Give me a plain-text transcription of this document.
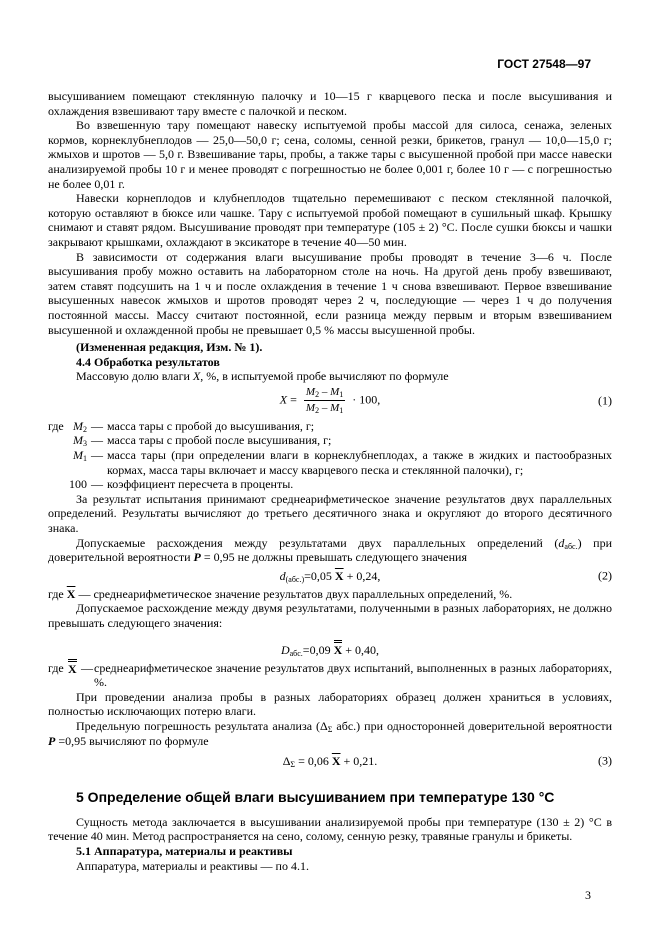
ГОСТ 27548—97

высушиванием помещают стеклянную палочку и 10—15 г кварцевого песка и после высушивания и охлаждения взвешивают тару вместе с палочкой и песком.

Во взвешенную тару помещают навеску испытуемой пробы массой для силоса, сенажа, зеленых кормов, корнеклубнеплодов — 25,0—50,0 г; сена, соломы, сенной резки, брикетов, гранул — 10,0—15,0 г; жмыхов и шротов — 5,0 г. Взвешивание тары, пробы, а также тары с высушенной пробой при массе навески анализируемой пробы 10 г и менее проводят с погрешностью не более 0,001 г, более 10 г — с погрешностью не более 0,01 г.

Навески корнеплодов и клубнеплодов тщательно перемешивают с песком стеклянной палочкой, которую оставляют в бюксе или чашке. Тару с испытуемой пробой помещают в сушильный шкаф. Крышку снимают и ставят рядом. Высушивание проводят при температуре (105 ± 2) °С. После сушки бюксы и чашки закрывают крышками, охлаждают в эксикаторе в течение 40—50 мин.

В зависимости от содержания влаги высушивание пробы проводят в течение 3—6 ч. После высушивания пробу можно оставить на лабораторном столе на ночь. На другой день пробу взвешивают, затем ставят подсушить на 1 ч и после охлаждения в течение 1 ч снова взвешивают. Первое взвешивание высушенных навесок жмыхов и шротов проводят через 2 ч, последующие — через 1 ч до получения постоянной массы. Массу считают постоянной, если разница между первым и вторым взвешиванием высушенной и охлажденной пробы не превышает 0,5 % массы высушенной пробы.

(Измененная редакция, Изм. № 1).

4.4 Обработка результатов

Массовую долю влаги X, %, в испытуемой пробе вычисляют по формуле

$X = \frac{M_2 - M_1}{M_2 - M_1} \cdot 100$,	(1)
где $M_2$ — масса тары с пробой до высушивания, г;
$M_3$ — масса тары с пробой после высушивания, г;
$M_1$ — масса тары (при определении влаги в корнеклубнеплодах, а также в жидких и пастообразных кормах, масса тары включает и массу кварцевого песка и стеклянной палочки), г;
100 — коэффициент пересчета в проценты.

За результат испытания принимают среднеарифметическое значение результатов двух параллельных определений. Результаты вычисляют до третьего десятичного знака и округляют до второго десятичного знака.

Допускаемые расхождения между результатами двух параллельных определений $(d_{абс.})$ при доверительной вероятности P = 0,95 не должны превышать следующего значения

$d_{(абс.)}=0,05$ $\overline{X} + 0,24$,	(2)

где $\overline{X}$ — среднеарифметическое значение результатов двух параллельных определений, %.

Допускаемое расхождение между двумя результатами, полученными в разных лабораториях, не должно превышать следующего значения:

$D_{абс.}=0,09$ X + 0,40,
где X — среднеарифметическое значение результатов двух испытаний, выполненных в разных лабораториях, %.

При проведении анализа пробы в разных лабораториях образец должен храниться в условиях, полностью исключающих потерю влаги.

Предельную погрешность результата анализа ($\Delta_\Sigma$ абс.) при односторонней доверительной вероятности P =0,95 вычисляют по формуле

$\Delta_\Sigma = 0,06$ $\overline{X} + 0,21$.	(3)
5 Определение общей влаги высушиванием при температуре 130 °С

Сущность метода заключается в высушивании анализируемой пробы при температуре (130 ± 2) °С в течение 40 мин. Метод распространяется на сено, солому, сенную резку, травяные гранулы и брикеты.

5.1 Аппаратура, материалы и реактивы

Аппаратура, материалы и реактивы — по 4.1.

3
